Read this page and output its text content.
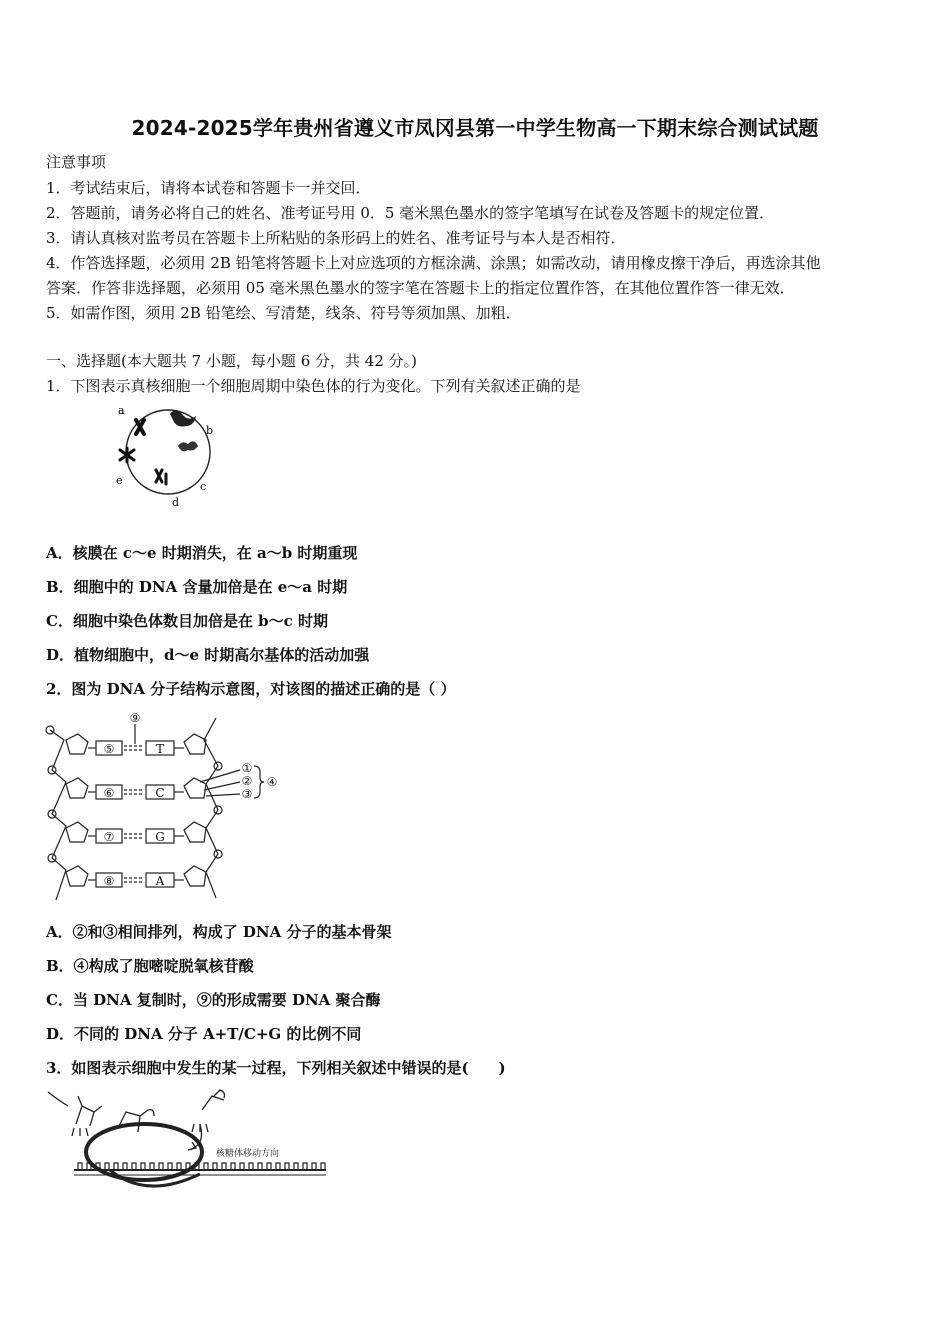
2024-2025学年贵州省遵义市凤冈县第一中学生物高一下期末综合测试试题
注意事项
1．考试结束后，请将本试卷和答题卡一并交回．
2．答题前，请务必将自己的姓名、准考证号用 0．5 毫米黑色墨水的签字笔填写在试卷及答题卡的规定位置．
3．请认真核对监考员在答题卡上所粘贴的条形码上的姓名、准考证号与本人是否相符．
4．作答选择题，必须用 2B 铅笔将答题卡上对应选项的方框涂满、涂黑；如需改动，请用橡皮擦干净后，再选涂其他
答案．作答非选择题，必须用 05 毫米黑色墨水的签字笔在答题卡上的指定位置作答，在其他位置作答一律无效．
5．如需作图，须用 2B 铅笔绘、写清楚，线条、符号等须加黑、加粗．
一、选择题(本大题共 7 小题，每小题 6 分，共 42 分。)
1．下图表示真核细胞一个细胞周期中染色体的行为变化。下列有关叙述正确的是
a
b
c
d
e
A．核膜在 c～e 时期消失，在 a～b 时期重现
B．细胞中的 DNA 含量加倍是在 e～a 时期
C．细胞中染色体数目加倍是在 b～c 时期
D．植物细胞中，d～e 时期高尔基体的活动加强
2．图为 DNA 分子结构示意图，对该图的描述正确的是（ ）
⑨
⑤
⑥
⑦
⑧
T
C
G
A
①
②
③
④
A．②和③相间排列，构成了 DNA 分子的基本骨架
B．④构成了胞嘧啶脱氧核苷酸
C．当 DNA 复制时，⑨的形成需要 DNA 聚合酶
D．不同的 DNA 分子 A+T/C+G 的比例不同
3．如图表示细胞中发生的某一过程，下列相关叙述中错误的是(　　)
核糖体移动方向
